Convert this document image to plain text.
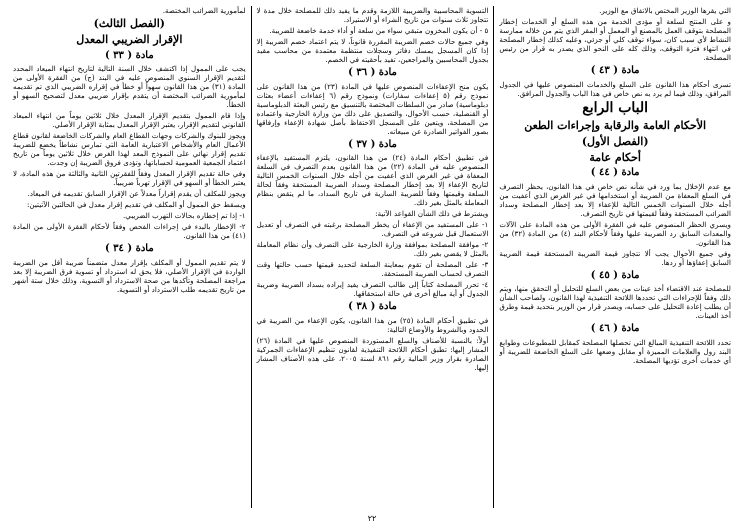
التي يقرها الوزير المختص بالاتفاق مع الوزير.

و على المنتج لسلعة أو مؤدى الخدمة من هذه السلع أو الخدمات إخطار المصلحة بتوقف العمل بالمصنع أو المعمل أو المقر الذي يتم من خلاله ممارسة النشاط لأي سبب كان، سواء توقف كلي أو جزئي، وعليه كذلك إخطار المصلحة في انتهاء فترة التوقف، وذلك كله على النحو الذي يصدر به قرار من رئيس المصلحة.

مادة ( ٤٣ )

تسرى أحكام هذا القانون على السلع والخدمات المنصوص عليها في الجدول المرافق، وذلك فيما لم يرد به نص خاص في هذا الباب والجدول المرافق.

الباب الرابع
الأحكام العامة والرقابة وإجراءات الطعن
(الفصل الأول)
أحكام عامة
مادة ( ٤٤ )

مع عدم الإخلال بما ورد في شأنه نص خاص في هذا القانون، يحظر التصرف في السلع المعفاة من الضريبة أو استخدامها في غير الغرض الذي أعفيت من أجله خلال السنوات الخمس التالية للإعفاء إلا بعد إخطار المصلحة وسداد الضرائب المستحقة وفقاً لقيمتها في تاريخ التصرف.

ويسري الحظر المنصوص عليه في الفقرة الأولى من هذه المادة على الآلات والمعدات السابق رد الضريبة عليها وفقاً لأحكام البند (٤) من المادة (٣٢) من هذا القانون.

وفي جميع الأحوال يجب ألا تتجاوز قيمة الضريبة المستحقة قيمة الضريبة السابق إعفاؤها أو ردها.

مادة ( ٤٥ )

للمصلحة عند الاقتضاء أخذ عينات من بعض السلع للتحليل أو التحقق منها، ويتم ذلك وفقاً للإجراءات التي تحددها اللائحة التنفيذية لهذا القانون، ولصاحب الشأن أن يطلب إعادة التحليل على حسابه، ويصدر قرار من الوزير بتحديد قيمة وطرق أخذ العينات.

مادة ( ٤٦ )

تحدد اللائحة التنفيذية المبالغ التي تحصلها المصلحة كمقابل للمطبوعات وطوابع البند رول والعلامات المميزة أو مقابل وضعها على السلع الخاضعة للضريبة أو أي خدمات أخرى تؤديها المصلحة.

التسوية المحاسبية والضريبية اللازمة وقدم ما يفيد ذلك للمصلحة خلال مدة لا تتجاوز ثلاث سنوات من تاريخ الشراء أو الاستيراد.

٥ - أن يكون المخزون متبقي سواء من سلعة أو أداء خدمة خاضعة للضريبة.

وفي جميع حالات خصم الضريبة المقررة قانوناً، لا يتم اعتماد خصم الضريبة إلا إذا كان المسجل يمسك دفاتر وسجلات منتظمة معتمدة من محاسب مقيد بجدول المحاسبين والمراجعين، تفيد بأحقيته في الخصم.

مادة ( ٣٦ )

يكون منح الإعفاءات المنصوص عليها في المادة (٢٣) من هذا القانون على نموذج رقم (٥ إعفاءات سفارات) ونموذج رقم (٦ إعفاءات أعضاء بعثات دبلوماسية) صادر من السلطات المختصة بالتنسيق مع رئيس البعثة الدبلوماسية أو القنصلية، حسب الأحوال، والتصديق على ذلك من وزارة الخارجية واعتماده من المصلحة، ويتعين على المسجل الاحتفاظ بأصل شهادة الإعفاء وإرفاقها بصور الفواتير الصادرة عن مبيعاته.

مادة ( ٣٧ )

في تطبيق أحكام المادة (٢٤) من هذا القانون، يلتزم المستفيد بالإعفاء المنصوص عليه في المادة (٢٢) من هذا القانون بعدم التصرف في السلعة المعفاة في غير الغرض الذي أعفيت من أجله خلال السنوات الخمس التالية لتاريخ الإعفاء إلا بعد إخطار المصلحة وسداد الضريبة المستحقة وفقاً لحالة السلعة وقيمتها وفقاً للضريبة السارية في تاريخ السداد، ما لم يتقض بنظام المعاملة بالمثل بغير ذلك.

ويشترط في ذلك الشأن القواعد الآتية:

١- على المستفيد من الإعفاء أن يخطر المصلحة برغبته في التصرف أو تعديل الاستعمال قبل شروعه في التصرف.

٢- موافقة المصلحة بموافقة وزارة الخارجية على التصرف وأن نظام المعاملة بالمثل لا يقضي بغير ذلك.

٣- على المصلحة أن تقوم بمعاينة السلعة لتحديد قيمتها حسب حالتها وقت التصرف لحساب الضريبة المستحقة.

٤- تحرر المصلحة كتاباً إلى طالب التصرف يفيد إيراده بسداد الضريبة وضريبة الجدول أو أية مبالغ أخرى في حالة استحقاقها.

مادة ( ٣٨ )

في تطبيق أحكام المادة (٢٥) من هذا القانون، يكون الإعفاء من الضريبة في الحدود وبالشروط والأوضاع التالية:

أولاً: بالنسبة للأصناف والسلع المستوردة المنصوص عليها في المادة (٢٦) المشار إليها: تطبق أحكام اللائحة التنفيذية لقانون تنظيم الإعفاءات الجمركية الصادرة بقرار وزير المالية رقم ٨٦١ لسنة ٢٠٠٥، على هذه الأصناف المشار إليها.

لمأمورية الضرائب المختصة.

(الفصل الثالث)
الإقرار الضريبي المعدل
مادة ( ٣٣ )

يجب على الممول إذا اكتشف خلال السنة التالية لتاريخ انتهاء الميعاد المحدد لتقديم الإقرار السنوي المنصوص عليه في البند (ج) من الفقرة الأولى من المادة (٣١) من هذا القانون سهواً أو خطأ في إقراره الضريبي الذي تم تقديمه لمأمورية الضرائب المختصة أن يتقدم بإقرار ضريبي معدل لتصحيح السهو أو الخطأ.

وإذا قام الممول بتقديم الإقرار المعدل خلال ثلاثين يوماً من انتهاء الميعاد القانوني لتقديم الإقرار، يعتبر الإقرار المعدل بمثابة الإقرار الأصلي.

ويجوز للبنوك والشركات وجهات القطاع العام والشركات الخاضعة لقانون قطاع الأعمال العام والأشخاص الاعتبارية العامة التي تمارس نشاطاً يخضع للضريبة تقديم إقرار نهائي على النموذج المعد لهذا الغرض خلال ثلاثين يوماً من تاريخ اعتماد الجمعية العمومية لحساباتها، وتؤدى فروق الضريبة إن وجدت.

وفي حالة تقديم الإقرار المعدل وفقاً للفقرتين الثانية والثالثة من هذه المادة، لا يعتبر الخطأ أو السهو في الإقرار تهرباً ضريبياً.

ويجوز للمكلف أن يقدم إقراراً معدلاً عن الإقرار السابق تقديمه في الميعاد.

ويسقط حق الممول أو المكلف في تقديم إقرار معدل في الحالتين الآتيتين:

١- إذا تم إخطاره بحالات التهرب الضريبي.

٢- الإخطار بالبدء في إجراءات الفحص وفقاً لأحكام الفقرة الأولى من المادة (٤١) من هذا القانون.

مادة ( ٣٤ )

لا يتم تقديم الممول أو المكلف بإقرار معدل متضمناً ضريبة أقل من الضريبة الواردة في الإقرار الأصلي، فلا يحق له استرداد أو تسوية فرق الضريبة إلا بعد مراجعة المصلحة وتأكدها من صحة الاسترداد أو التسوية، وذلك خلال ستة أشهر من تاريخ تقديمه طلب الاسترداد أو التسوية.

٢٢
